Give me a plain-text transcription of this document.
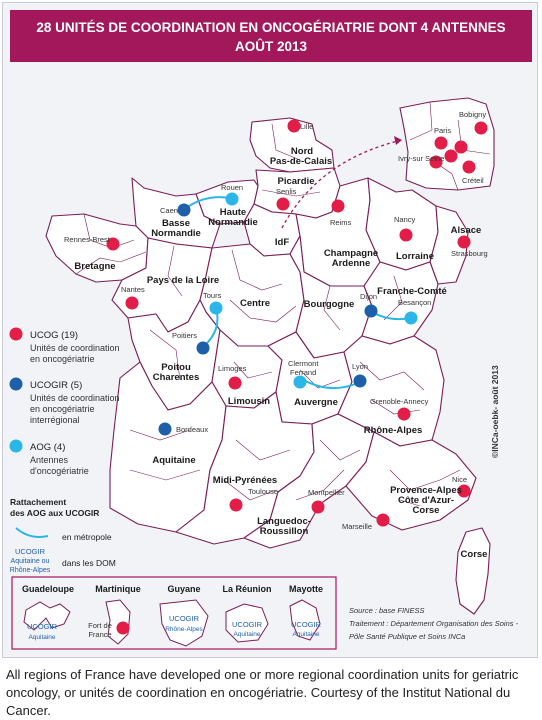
28 UNITÉS DE COORDINATION EN ONCOGÉRIATRIE DONT 4 ANTENNES
AOÛT 2013
Nord
Pas-de-Calais
Picardie
Haute
Normandie
Basse
Normandie
IdF
Champagne
Ardenne
Lorraine
Alsace
Bretagne
Pays de la Loire
Centre	Bourgogne
Franche-Comté
Poitou
Charentes
Limousin	Auvergne
Rhône-Alpes
Aquitaine
Midi-Pyrénées
Languedoc-
Roussillon
Provence-Alpes
Côte d'Azur-
Corse
Corse
Lille
Rouen	Senlis
Caen
Reims	Nancy
Strasbourg
Rennes-Brest
Nantes
Tours
Poitiers
Dijon
Besançon
Limoges
Clermont
Ferrand
Lyon
Grenoble-Annecy
Bordeaux
Toulouse	Montpellier
Marseille
Nice
Bobigny
Paris
Ivry-sur Seine
Créteil
UCOG (19)
Unités de coordination
en oncogériatrie
UCOGIR (5)
Unités de coordination
en oncogériatrie
interrégional
AOG (4)
Antennes
d'oncogériatrie
Rattachement
des AOG aux UCOGIR
en métropole
UCOGIR
Aquitaine ou
Rhône-Alpes
dans les DOM
©INCa-oebk- août 2013
Guadeloupe Martinique	Guyane La Réunion Mayotte
UCOGIR
Aquitaine
Fort de
France
UCOGIR
Rhône-Alpes
UCOGIR
Aquitaine
UCOGIR
Aquitaine
Source : base FINESS
Traitement : Département Organisation des Soins -
Pôle Santé Publique et Soins INCa
All regions of France have developed one or more regional coordination units for geriatric oncology, or unités de coordination en oncogériatrie. Courtesy of the Institut National du Cancer.
